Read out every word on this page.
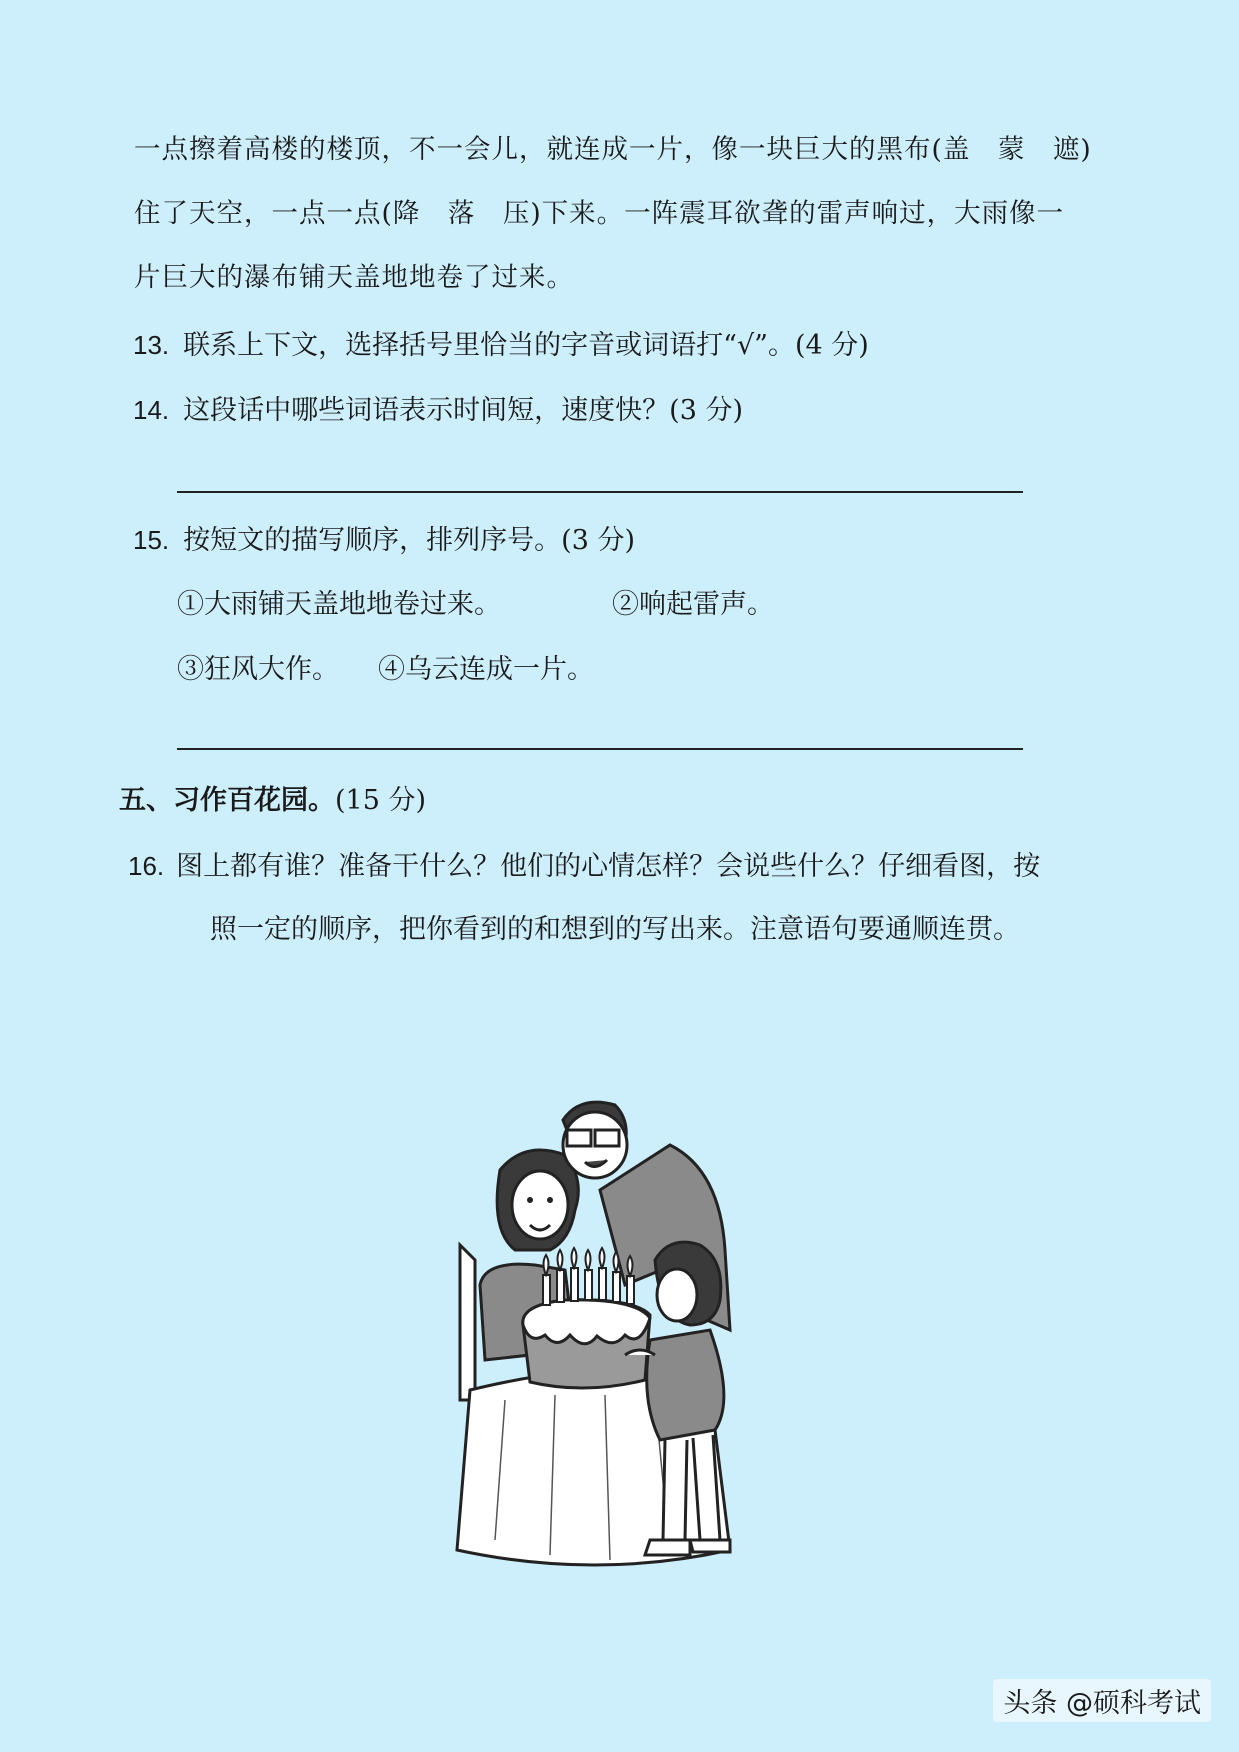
一点擦着高楼的楼顶，不一会儿，就连成一片，像一块巨大的黑布(盖　蒙　遮)
住了天空，一点一点(降　落　压)下来。一阵震耳欲聋的雷声响过，大雨像一
片巨大的瀑布铺天盖地地卷了过来。
13. 联系上下文，选择括号里恰当的字音或词语打“√”。(4 分)
14. 这段话中哪些词语表示时间短，速度快？(3 分)
15. 按短文的描写顺序，排列序号。(3 分)
①大雨铺天盖地地卷过来。	②响起雷声。
③狂风大作。 ④乌云连成一片。
五、习作百花园。(15 分)
16. 图上都有谁？准备干什么？他们的心情怎样？会说些什么？仔细看图，按
照一定的顺序，把你看到的和想到的写出来。注意语句要通顺连贯。
头条 @硕科考试
